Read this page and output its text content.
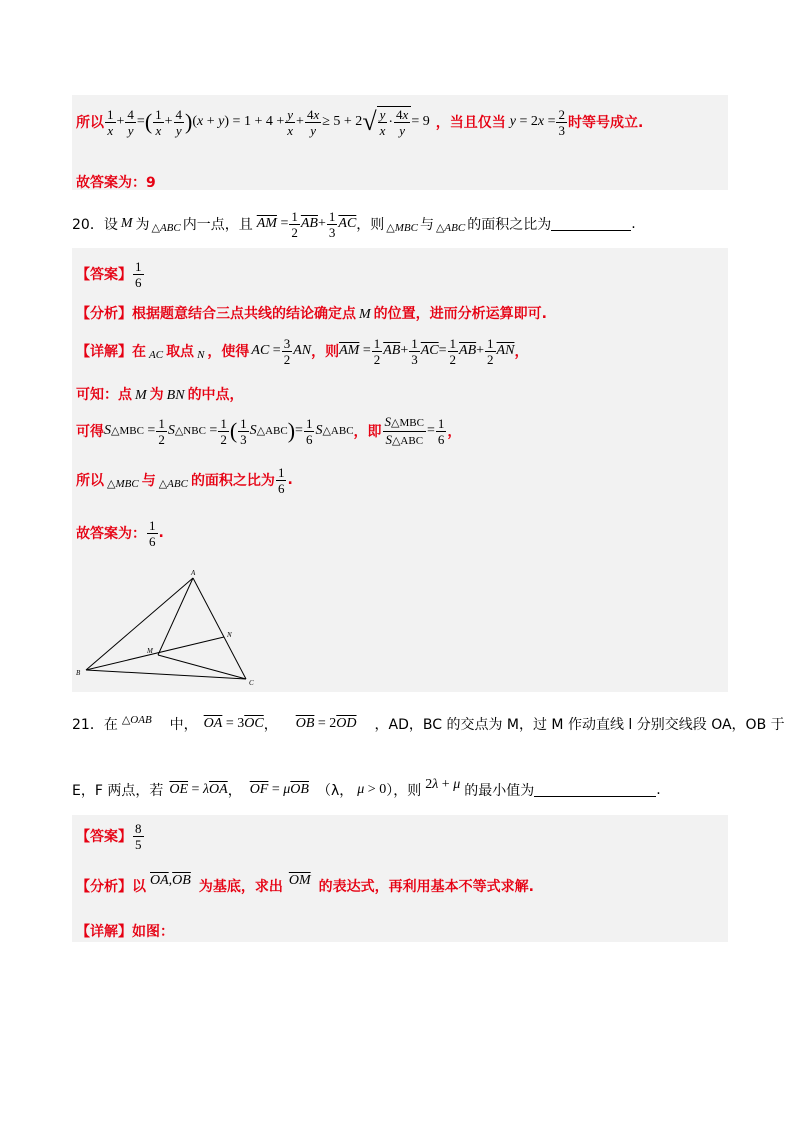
所以 $\frac{1}{x} + \frac{4}{y}$ = ( $\frac{1}{x} + \frac{4}{y}$ ) $(x + y) = 1 + 4 + \frac{y}{x} + \frac{4x}{y} \ge 5 + 2$ √ $\frac{y}{x} \cdot \frac{4x}{y} = 9$ ，当且仅当 $y = 2x = \frac{2}{3}$ 时等号成立.
故答案为：9
20．设 M 为 △ABC 内一点，且 $\overline{AM} = \frac{1}{2} \overline{AB} + \frac{1}{3} \overline{AC}$ ，则 △MBC 与 △ABC 的面积之比为	.
【答案】 $\frac{1}{6}$
【分析】根据题意结合三点共线的结论确定点 M 的位置，进而分析运算即可.
【详解】在 AC 取点 N ，使得 AC = $\frac{3}{2}$ AN ，则 $\overline{AM} = \frac{1}{2} \overline{AB} + \frac{1}{3} \overline{AC} = \frac{1}{2} \overline{AB} + \frac{1}{2} \overline{AN}$ ，
可知：点 M 为 BN 的中点，
可得 S△MBC = $\frac{1}{2}$ S△NBC = $\frac{1}{2}$ ( $\frac{1}{3}$ S△ABC ) = $\frac{1}{6}$ S△ABC ，即 $\frac{\text{S△MBC}}{\text{S△ABC}} = \frac{1}{6}$ ，
所以 △MBC 与 △ABC 的面积之比为 $\frac{1}{6}$ .
故答案为： $\frac{1}{6}$ .
A
B
C
M
N
21．在 △OAB 中， $\overline{OA} = 3\overline{OC}$ ， $\overline{OB} = 2\overline{OD}$ ，AD，BC 的交点为 M，过 M 作动直线 l 分别交线段 OA，OB 于
E，F 两点，若 $\overline{OE} = \lambda\overline{OA}$ ， $\overline{OF} = \mu\overline{OB}$ （λ， μ > 0 ），则 2λ + μ 的最小值为	.
【答案】 $\frac{8}{5}$
【分析】以 $\overline{OA},\overline{OB}$ 为基底，求出 $\overline{OM}$ 的表达式，再利用基本不等式求解.
【详解】如图：
